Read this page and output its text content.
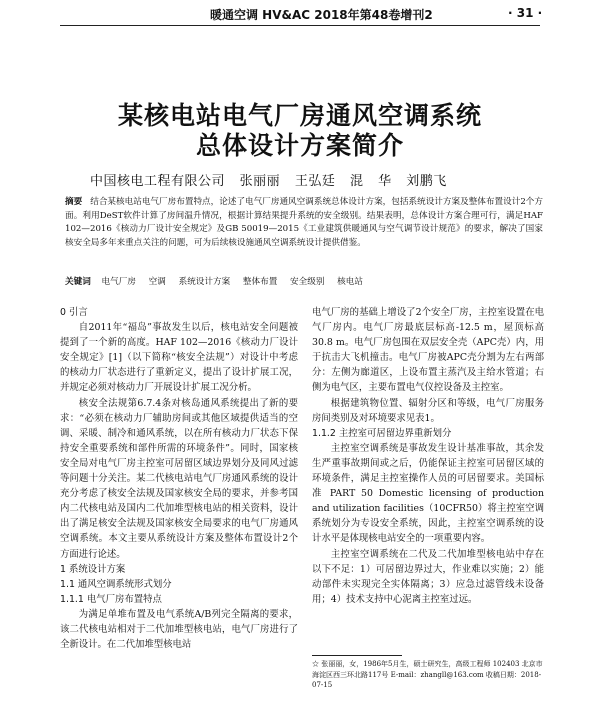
暖通空调 HV&AC 2018年第48卷增刊2	· 31 ·
某核电站电气厂房通风空调系统
总体设计方案简介
中国核电工程有限公司 张丽丽 王弘廷 混 华 刘鹏飞
摘要 结合某核电站电气厂房布置特点，论述了电气厂房通风空调系统总体设计方案，包括系统设计方案及整体布置设计2个方面。利用DeST软件计算了房间温升情况，根据计算结果提升系统的安全级别。结果表明，总体设计方案合理可行，满足HAF 102—2016《核动力厂设计安全规定》及GB 50019—2015《工业建筑供暖通风与空气调节设计规范》的要求，解决了国家核安全局多年来重点关注的问题，可为后续核设施通风空调系统设计提供借鉴。
关键词 电气厂房 空调 系统设计方案 整体布置 安全级别 核电站

0 引言

自2011年“福岛”事故发生以后，核电站安全问题被提到了一个新的高度。HAF 102—2016《核动力厂设计安全规定》[1]（以下简称“核安全法规”）对设计中考虑的核动力厂状态进行了重新定义，提出了设计扩展工况，并规定必须对核动力厂开展设计扩展工况分析。

核安全法规第6.7.4条对核岛通风系统提出了新的要求：“必须在核动力厂辅助房间或其他区域提供适当的空调、采暖、制冷和通风系统，以在所有核动力厂状态下保持安全重要系统和部件所需的环境条件”。同时，国家核安全局对电气厂房主控室可居留区域边界划分及同风过滤等问题十分关注。某二代核电站电气厂房通风系统的设计充分考虑了核安全法规及国家核安全局的要求，并参考国内二代核电站及国内二代加堆型核电站的相关资料，设计出了满足核安全法规及国家核安全局要求的电气厂房通风空调系统。本文主要从系统设计方案及整体布置设计2个方面进行论述。

1 系统设计方案

1.1 通风空调系统形式划分

1.1.1 电气厂房布置特点

为满足单堆布置及电气系统A/B列完全隔离的要求，该二代核电站相对于二代加堆型核电站，电气厂房进行了全新设计。在二代加堆型核电站

电气厂房的基础上增设了2个安全厂房，主控室设置在电气厂房内。电气厂房最底层标高-12.5 m，屋顶标高30.8 m。电气厂房包围在双层安全壳（APC壳）内，用于抗击大飞机撞击。电气厂房被APC壳分割为左右两部分：左侧为廊道区，上设布置主蒸汽及主给水管道；右侧为电气区，主要布置电气仪控设备及主控室。

根据建筑物位置、辐射分区和等级，电气厂房服务房间类别及对环境要求见表1。

1.1.2 主控室可居留边界重新划分

主控室空调系统是事故发生设计基准事故，其余发生严重事故期间或之后，仍能保证主控室可居留区域的环境条件，满足主控室操作人员的可居留要求。美国标准 PART 50 Domestic licensing of production and utilization facilities（10CFR50）将主控室空调系统划分为专设安全系统，因此，主控室空调系统的设计水平是体现核电站安全的一项重要内容。

主控室空调系统在二代及二代加堆型核电站中存在以下不足：1）可居留边界过大，作业难以实施；2）能动部件未实现完全实体隔离；3）应急过滤管线未设备用；4）技术支持中心泥离主控室过远。

☆ 张丽丽，女，1986年5月生，硕士研究生，高级工程师 102403 北京市海淀区西三环北路117号 E-mail：zhangll@163.com 收稿日期：2018-07-15
